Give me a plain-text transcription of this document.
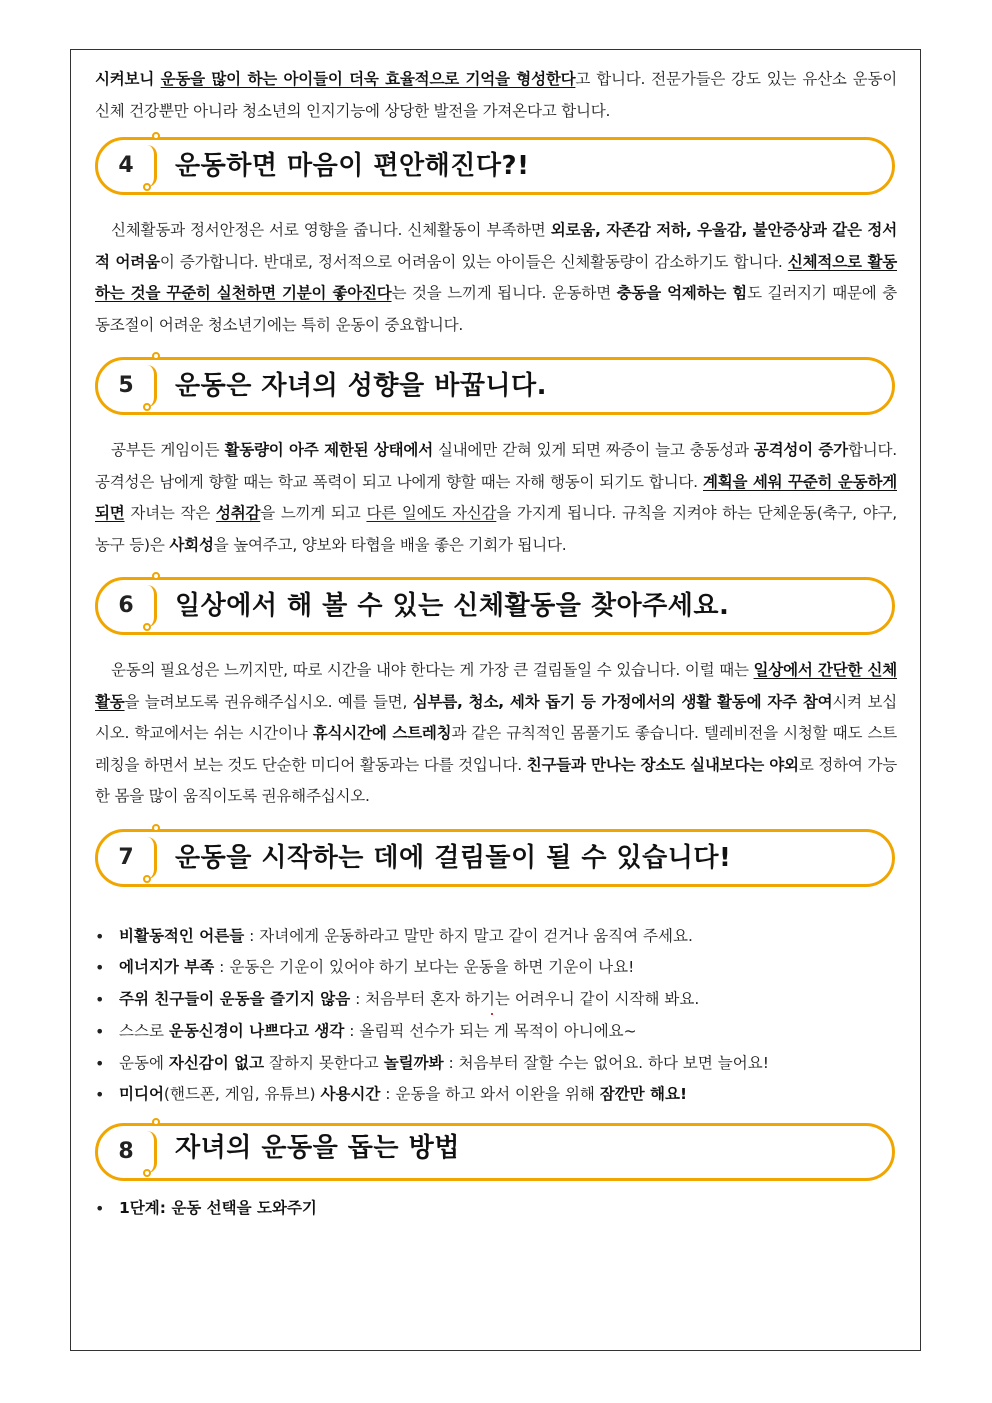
시켜보니 운동을 많이 하는 아이들이 더욱 효율적으로 기억을 형성한다고 합니다. 전문가들은 강도 있는 유산소 운동이 신체 건강뿐만 아니라 청소년의 인지기능에 상당한 발전을 가져온다고 합니다.

4	운동하면 마음이 편안해진다?!

신체활동과 정서안정은 서로 영향을 줍니다. 신체활동이 부족하면 외로움, 자존감 저하, 우울감, 불안증상과 같은 정서적 어려움이 증가합니다. 반대로, 정서적으로 어려움이 있는 아이들은 신체활동량이 감소하기도 합니다. 신체적으로 활동하는 것을 꾸준히 실천하면 기분이 좋아진다는 것을 느끼게 됩니다. 운동하면 충동을 억제하는 힘도 길러지기 때문에 충동조절이 어려운 청소년기에는 특히 운동이 중요합니다.

5	운동은 자녀의 성향을 바꿉니다.

공부든 게임이든 활동량이 아주 제한된 상태에서 실내에만 갇혀 있게 되면 짜증이 늘고 충동성과 공격성이 증가합니다. 공격성은 남에게 향할 때는 학교 폭력이 되고 나에게 향할 때는 자해 행동이 되기도 합니다. 계획을 세워 꾸준히 운동하게 되면 자녀는 작은 성취감을 느끼게 되고 다른 일에도 자신감을 가지게 됩니다. 규칙을 지켜야 하는 단체운동(축구, 야구, 농구 등)은 사회성을 높여주고, 양보와 타협을 배울 좋은 기회가 됩니다.

6	일상에서 해 볼 수 있는 신체활동을 찾아주세요.

운동의 필요성은 느끼지만, 따로 시간을 내야 한다는 게 가장 큰 걸림돌일 수 있습니다. 이럴 때는 일상에서 간단한 신체활동을 늘려보도록 권유해주십시오. 예를 들면, 심부름, 청소, 세차 돕기 등 가정에서의 생활 활동에 자주 참여시켜 보십시오. 학교에서는 쉬는 시간이나 휴식시간에 스트레칭과 같은 규칙적인 몸풀기도 좋습니다. 텔레비전을 시청할 때도 스트레칭을 하면서 보는 것도 단순한 미디어 활동과는 다를 것입니다. 친구들과 만나는 장소도 실내보다는 야외로 정하여 가능한 몸을 많이 움직이도록 권유해주십시오.

7	운동을 시작하는 데에 걸림돌이 될 수 있습니다!
• 비활동적인 어른들 : 자녀에게 운동하라고 말만 하지 말고 같이 걷거나 움직여 주세요.
• 에너지가 부족 : 운동은 기운이 있어야 하기 보다는 운동을 하면 기운이 나요!
• 주위 친구들이 운동을 즐기지 않음 : 처음부터 혼자 하기는 어려우니 같이 시작해 봐요.
• 스스로 운동신경이 나쁘다고 생각 : 올림픽 선수가 되는 게 목적이 아니에요~
• 운동에 자신감이 없고 잘하지 못한다고 놀릴까봐 : 처음부터 잘할 수는 없어요. 하다 보면 늘어요!
• 미디어(핸드폰, 게임, 유튜브) 사용시간 : 운동을 하고 와서 이완을 위해 잠깐만 해요!
8	자녀의 운동을 돕는 방법
• 1단계: 운동 선택을 도와주기
